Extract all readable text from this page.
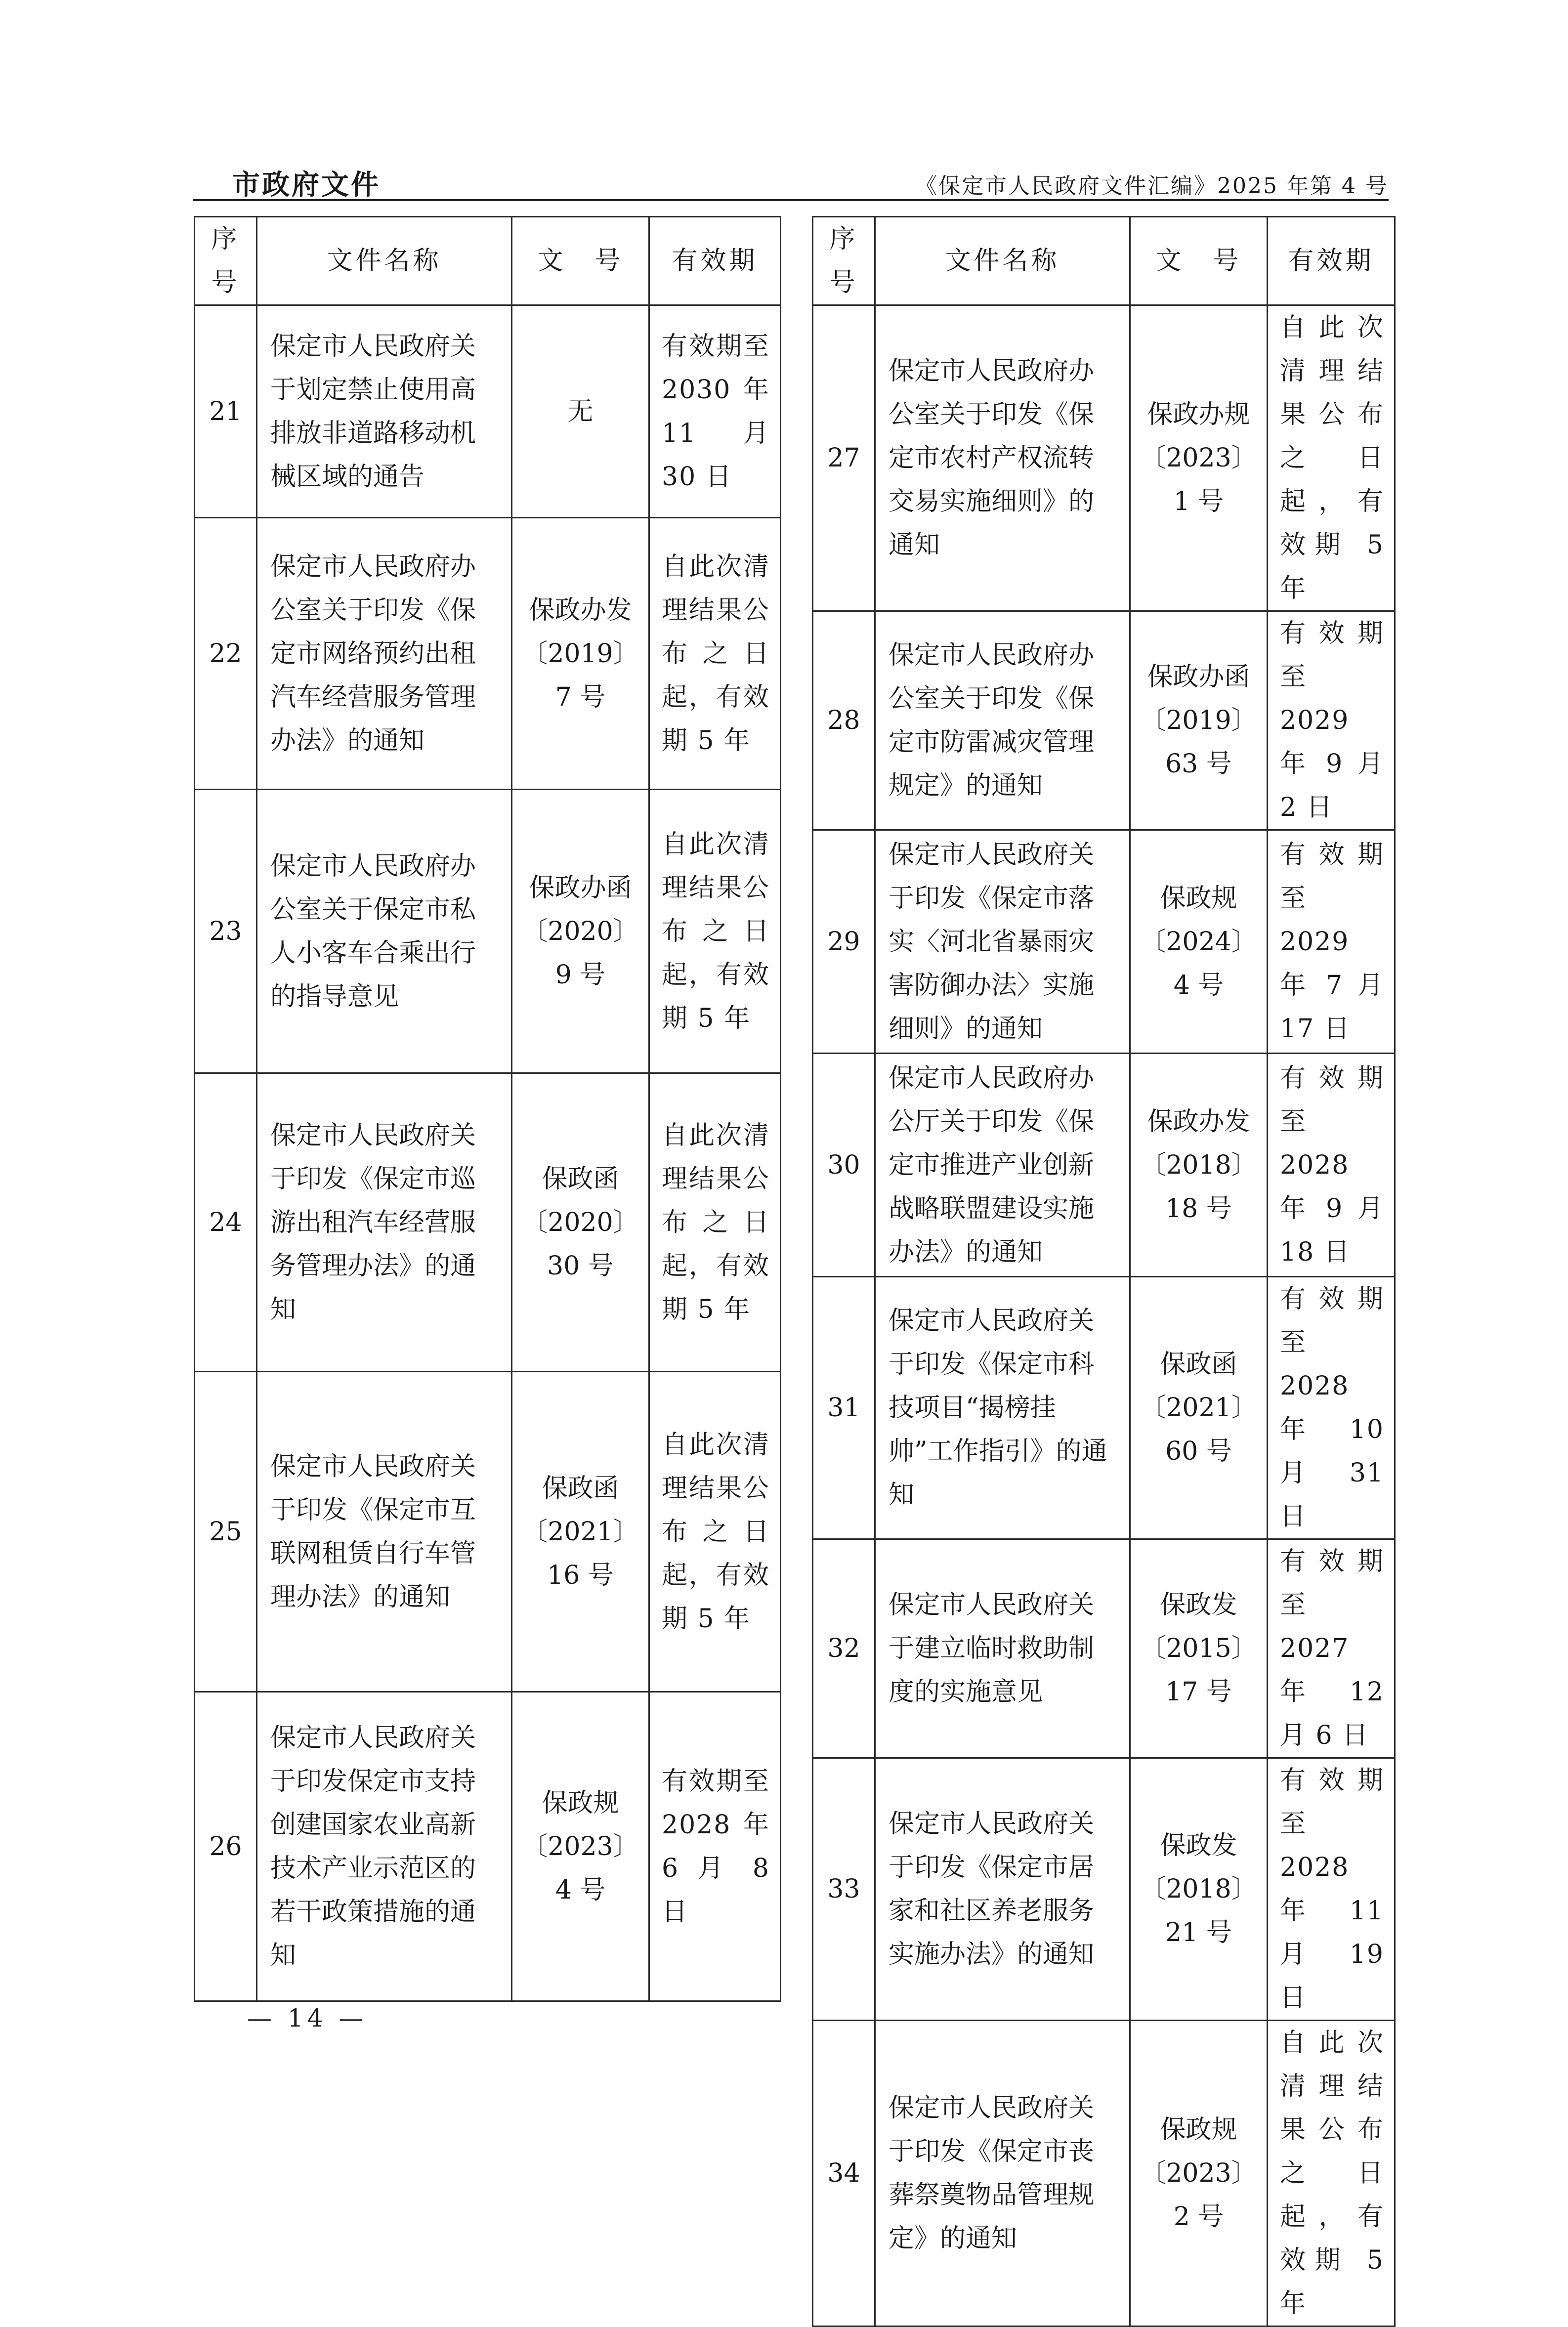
市政府文件	《保定市人民政府文件汇编》2025 年第 4 号
序号	文件名称	文　号	有效期
21	保定市人民政府关于划定禁止使用高排放非道路移动机械区域的通告	无	有效期至 2030 年 11 月 30 日
22	保定市人民政府办公室关于印发《保定市网络预约出租汽车经营服务管理办法》的通知	保政办发〔2019〕7 号	自此次清理结果公布之日起，有效期 5 年
23	保定市人民政府办公室关于保定市私人小客车合乘出行的指导意见	保政办函〔2020〕9 号	自此次清理结果公布之日起，有效期 5 年
24	保定市人民政府关于印发《保定市巡游出租汽车经营服务管理办法》的通知	保政函〔2020〕30 号	自此次清理结果公布之日起，有效期 5 年
25	保定市人民政府关于印发《保定市互联网租赁自行车管理办法》的通知	保政函〔2021〕16 号	自此次清理结果公布之日起，有效期 5 年
26	保定市人民政府关于印发保定市支持创建国家农业高新技术产业示范区的若干政策措施的通知	保政规〔2023〕4 号	有效期至 2028 年 6 月 8 日
序号	文件名称	文　号	有效期
27	保定市人民政府办公室关于印发《保定市农村产权流转交易实施细则》的通知	保政办规〔2023〕1 号	自此次清理结果公布之日起，有效期 5 年
28	保定市人民政府办公室关于印发《保定市防雷减灾管理规定》的通知	保政办函〔2019〕63 号	有效期至 2029 年 9 月 2 日
29	保定市人民政府关于印发《保定市落实〈河北省暴雨灾害防御办法〉实施细则》的通知	保政规〔2024〕4 号	有效期至 2029 年 7 月 17 日
30	保定市人民政府办公厅关于印发《保定市推进产业创新战略联盟建设实施办法》的通知	保政办发〔2018〕18 号	有效期至 2028 年 9 月 18 日
31	保定市人民政府关于印发《保定市科技项目“揭榜挂帅”工作指引》的通知	保政函〔2021〕60 号	有效期至 2028 年 10 月 31 日
32	保定市人民政府关于建立临时救助制度的实施意见	保政发〔2015〕17 号	有效期至 2027 年 12 月 6 日
33	保定市人民政府关于印发《保定市居家和社区养老服务实施办法》的通知	保政发〔2018〕21 号	有效期至 2028 年 11 月 19 日
34	保定市人民政府关于印发《保定市丧葬祭奠物品管理规定》的通知	保政规〔2023〕2 号	自此次清理结果公布之日起，有效期 5 年
— 14 —
